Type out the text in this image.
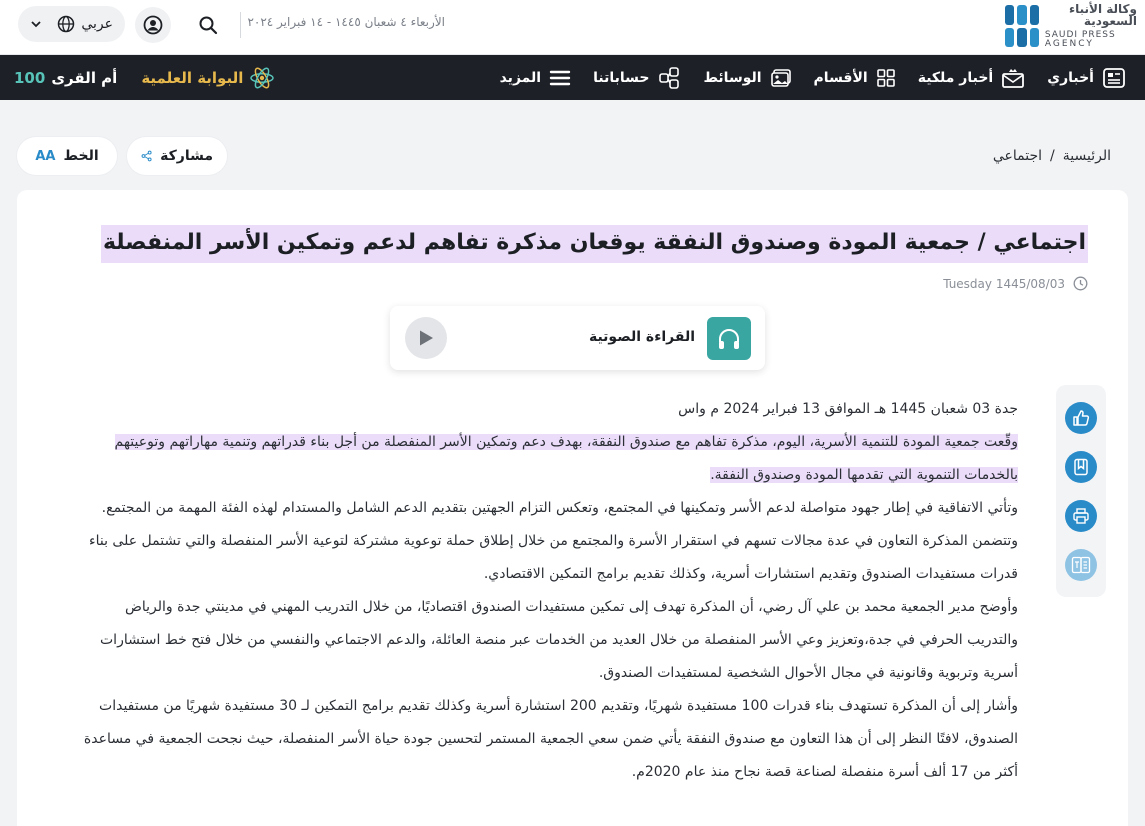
وكالة الأنباء السعودية
SAUDI PRESS
AGENCY
الأربعاء ٤ شعبان ١٤٤٥ - ١٤ فبراير ٢٠٢٤
عربي
أخباري
أخبار ملكية
الأقسام
الوسائط
حساباتنا
المزيد
البوابة العلمية
أم القرى
100
الرئيسية
/
اجتماعي
مشاركة
الخط
AA
اجتماعي / جمعية المودة وصندوق النفقة يوقعان مذكرة تفاهم لدعم وتمكين الأسر المنفصلة
Tuesday 1445/08/03
القراءة الصوتية

جدة 03 شعبان 1445 هـ الموافق 13 فبراير 2024 م واس

وقّعت جمعية المودة للتنمية الأسرية، اليوم، مذكرة تفاهم مع صندوق النفقة، بهدف دعم وتمكين الأسر المنفصلة من أجل بناء قدراتهم وتنمية مهاراتهم وتوعيتهم بالخدمات التنموية التي تقدمها المودة وصندوق النفقة.

وتأتي الاتفاقية في إطار جهود متواصلة لدعم الأسر وتمكينها في المجتمع، وتعكس التزام الجهتين بتقديم الدعم الشامل والمستدام لهذه الفئة المهمة من المجتمع.

وتتضمن المذكرة التعاون في عدة مجالات تسهم في استقرار الأسرة والمجتمع من خلال إطلاق حملة توعوية مشتركة لتوعية الأسر المنفصلة والتي تشتمل على بناء قدرات مستفيدات الصندوق وتقديم استشارات أسرية، وكذلك تقديم برامج التمكين الاقتصادي.

وأوضح مدير الجمعية محمد بن علي آل رضي، أن المذكرة تهدف إلى تمكين مستفيدات الصندوق اقتصاديًا، من خلال التدريب المهني في مدينتي جدة والرياض والتدريب الحرفي في جدة،وتعزيز وعي الأسر المنفصلة من خلال العديد من الخدمات عبر منصة العائلة، والدعم الاجتماعي والنفسي من خلال فتح خط استشارات أسرية وتربوية وقانونية في مجال الأحوال الشخصية لمستفيدات الصندوق.

وأشار إلى أن المذكرة تستهدف بناء قدرات 100 مستفيدة شهريًا، وتقديم 200 استشارة أسرية وكذلك تقديم برامج التمكين لـ 30 مستفيدة شهريًا من مستفيدات الصندوق، لافتًا النظر إلى أن هذا التعاون مع صندوق النفقة يأتي ضمن سعي الجمعية المستمر لتحسين جودة حياة الأسر المنفصلة، حيث نجحت الجمعية في مساعدة أكثر من 17 ألف أسرة منفصلة لصناعة قصة نجاح منذ عام 2020م.
